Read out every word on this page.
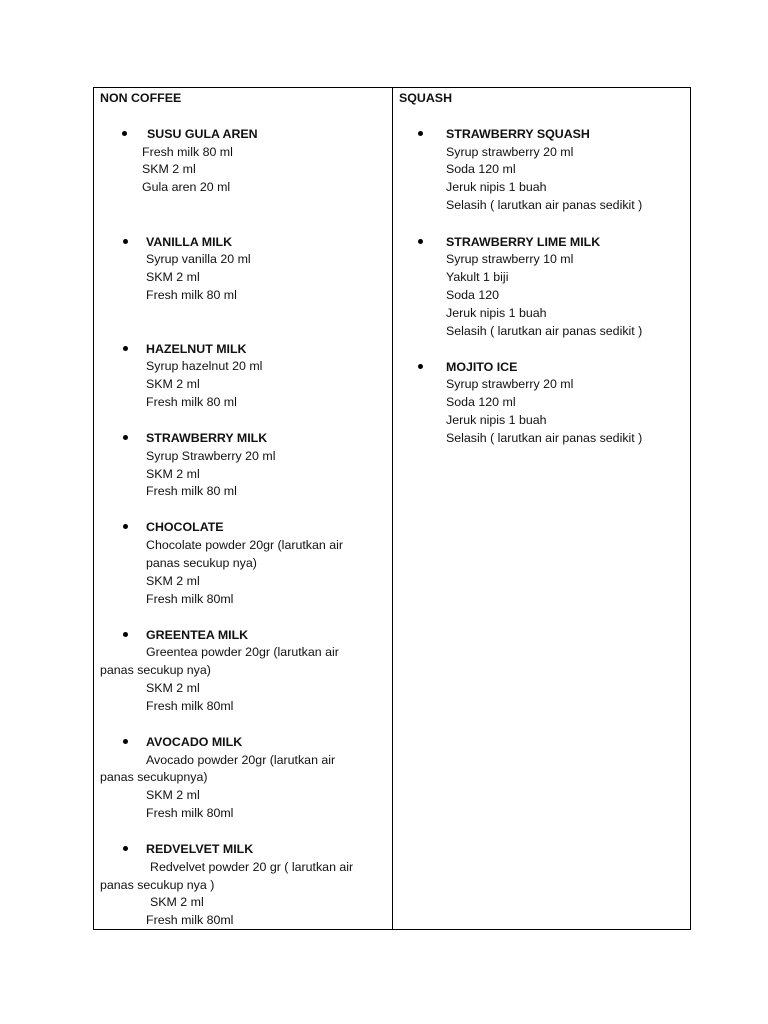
NON COFFEE
SUSU GULA AREN
Fresh milk 80 ml
SKM 2 ml
Gula aren 20 ml
VANILLA MILK
Syrup vanilla 20 ml
SKM 2 ml
Fresh milk 80 ml
HAZELNUT MILK
Syrup hazelnut 20 ml
SKM 2 ml
Fresh milk 80 ml
STRAWBERRY MILK
Syrup Strawberry 20 ml
SKM 2 ml
Fresh milk 80 ml
CHOCOLATE
Chocolate powder 20gr (larutkan air
panas secukup nya)
SKM 2 ml
Fresh milk 80ml
GREENTEA MILK
Greentea powder 20gr (larutkan air
panas secukup nya)
SKM 2 ml
Fresh milk 80ml
AVOCADO MILK
Avocado powder 20gr (larutkan air
panas secukupnya)
SKM 2 ml
Fresh milk 80ml
REDVELVET MILK
Redvelvet powder 20 gr ( larutkan air
panas secukup nya )
SKM 2 ml
Fresh milk 80ml
SQUASH
STRAWBERRY SQUASH
Syrup strawberry 20 ml
Soda 120 ml
Jeruk nipis 1 buah
Selasih ( larutkan air panas sedikit )
STRAWBERRY LIME MILK
Syrup strawberry 10 ml
Yakult 1 biji
Soda 120
Jeruk nipis 1 buah
Selasih ( larutkan air panas sedikit )
MOJITO ICE
Syrup strawberry 20 ml
Soda 120 ml
Jeruk nipis 1 buah
Selasih ( larutkan air panas sedikit )
